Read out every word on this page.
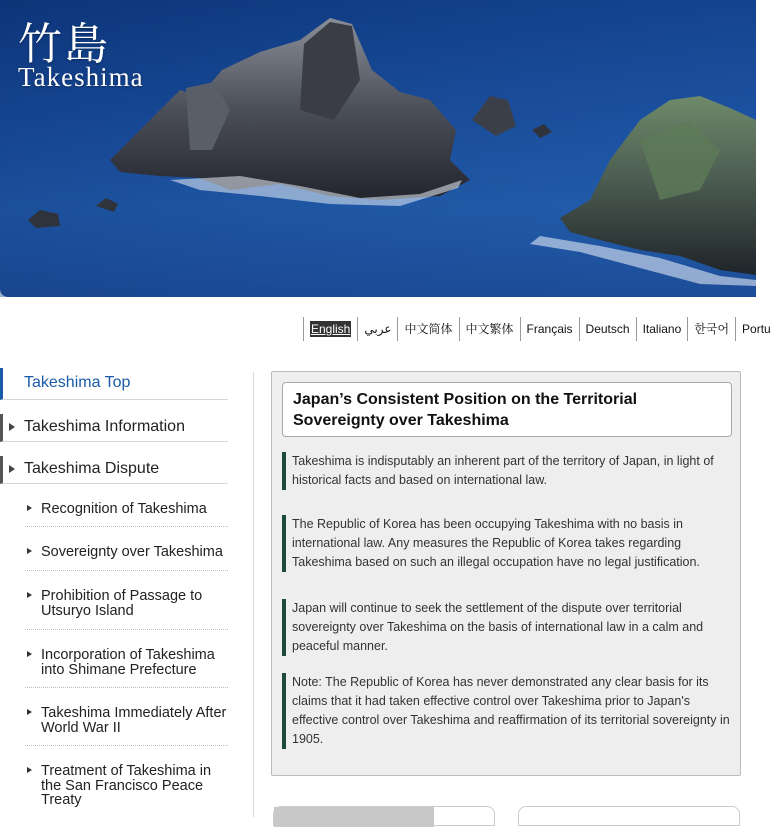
竹島
Takeshima
English	عربي	中文简体	中文繁体	Français	Deutsch	Italiano	한국어	Portu
Takeshima Top
Takeshima Information
Takeshima Dispute
Recognition of Takeshima
Sovereignty over Takeshima
Prohibition of Passage to Utsuryo Island
Incorporation of Takeshima into Shimane Prefecture
Takeshima Immediately After World War II
Treatment of Takeshima in the San Francisco Peace Treaty
Japan’s Consistent Position on the Territorial Sovereignty over Takeshima

Takeshima is indisputably an inherent part of the territory of Japan, in light of historical facts and based on international law.

The Republic of Korea has been occupying Takeshima with no basis in international law. Any measures the Republic of Korea takes regarding Takeshima based on such an illegal occupation have no legal justification.

Japan will continue to seek the settlement of the dispute over territorial sovereignty over Takeshima on the basis of international law in a calm and peaceful manner.

Note: The Republic of Korea has never demonstrated any clear basis for its claims that it had taken effective control over Takeshima prior to Japan's effective control over Takeshima and reaffirmation of its territorial sovereignty in 1905.
